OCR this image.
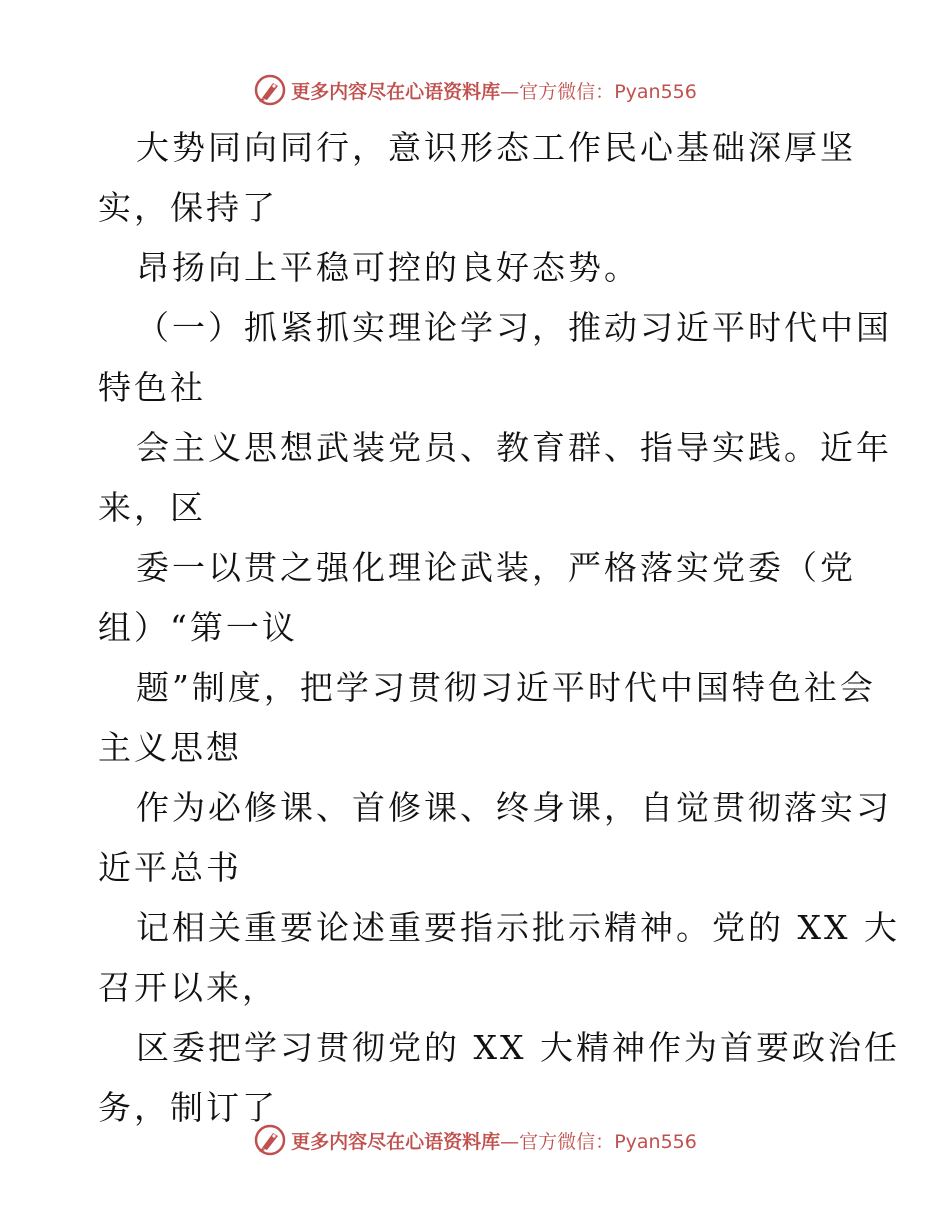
更多内容尽在心语资料库—官方微信：Pyan556
大势同向同行，意识形态工作民心基础深厚坚
实，保持了
昂扬向上平稳可控的良好态势。
（一）抓紧抓实理论学习，推动习近平时代中国
特色社
会主义思想武装党员、教育群、指导实践。近年
来，区
委一以贯之强化理论武装，严格落实党委（党
组）“第一议
题”制度，把学习贯彻习近平时代中国特色社会
主义思想
作为必修课、首修课、终身课，自觉贯彻落实习
近平总书
记相关重要论述重要指示批示精神。党的 XX 大
召开以来，
区委把学习贯彻党的 XX 大精神作为首要政治任
务，制订了
更多内容尽在心语资料库—官方微信：Pyan556
